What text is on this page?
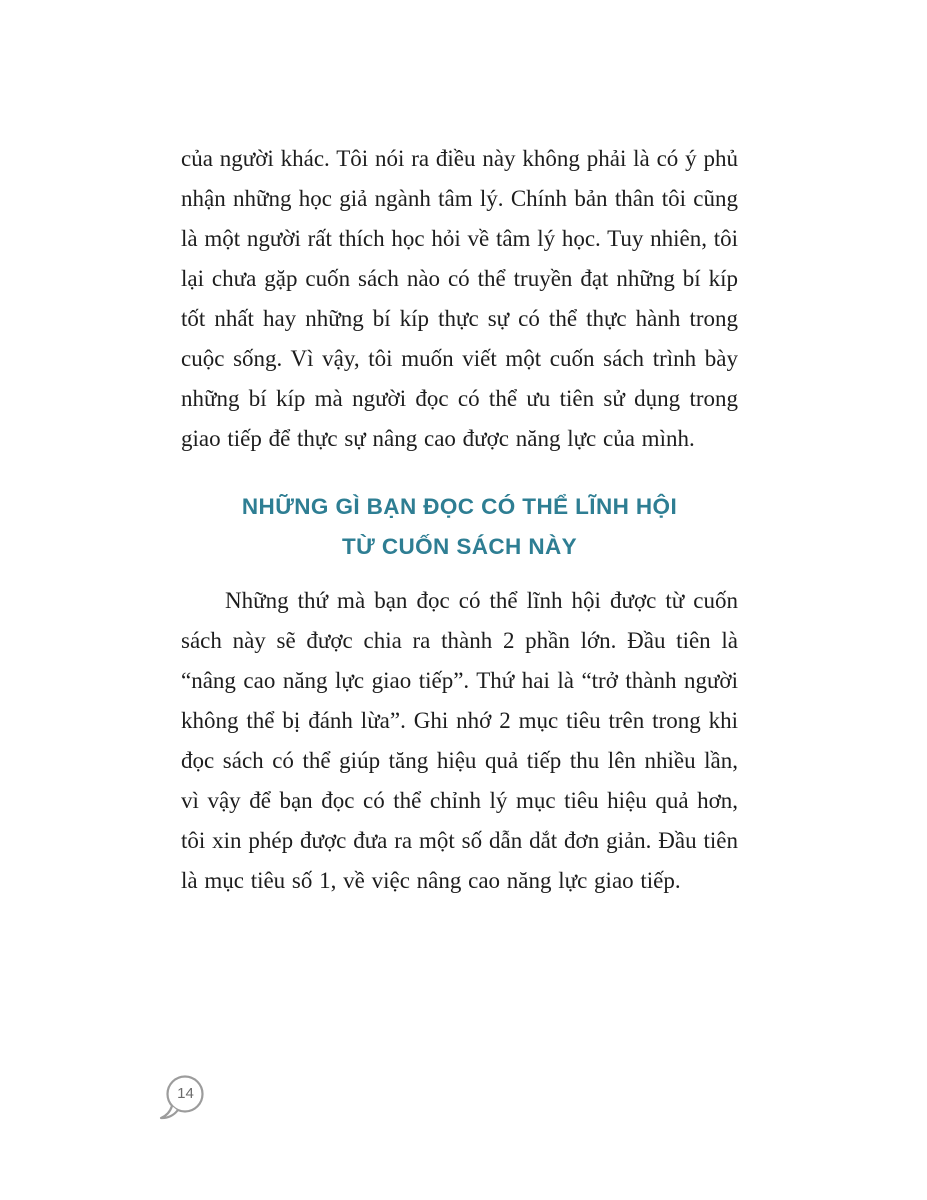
của người khác. Tôi nói ra điều này không phải là có ý phủ nhận những học giả ngành tâm lý. Chính bản thân tôi cũng là một người rất thích học hỏi về tâm lý học. Tuy nhiên, tôi lại chưa gặp cuốn sách nào có thể truyền đạt những bí kíp tốt nhất hay những bí kíp thực sự có thể thực hành trong cuộc sống. Vì vậy, tôi muốn viết một cuốn sách trình bày những bí kíp mà người đọc có thể ưu tiên sử dụng trong giao tiếp để thực sự nâng cao được năng lực của mình.

NHỮNG GÌ BẠN ĐỌC CÓ THỂ LĨNH HỘI
TỪ CUỐN SÁCH NÀY

Những thứ mà bạn đọc có thể lĩnh hội được từ cuốn sách này sẽ được chia ra thành 2 phần lớn. Đầu tiên là “nâng cao năng lực giao tiếp”. Thứ hai là “trở thành người không thể bị đánh lừa”. Ghi nhớ 2 mục tiêu trên trong khi đọc sách có thể giúp tăng hiệu quả tiếp thu lên nhiều lần, vì vậy để bạn đọc có thể chỉnh lý mục tiêu hiệu quả hơn, tôi xin phép được đưa ra một số dẫn dắt đơn giản. Đầu tiên là mục tiêu số 1, về việc nâng cao năng lực giao tiếp.

14
